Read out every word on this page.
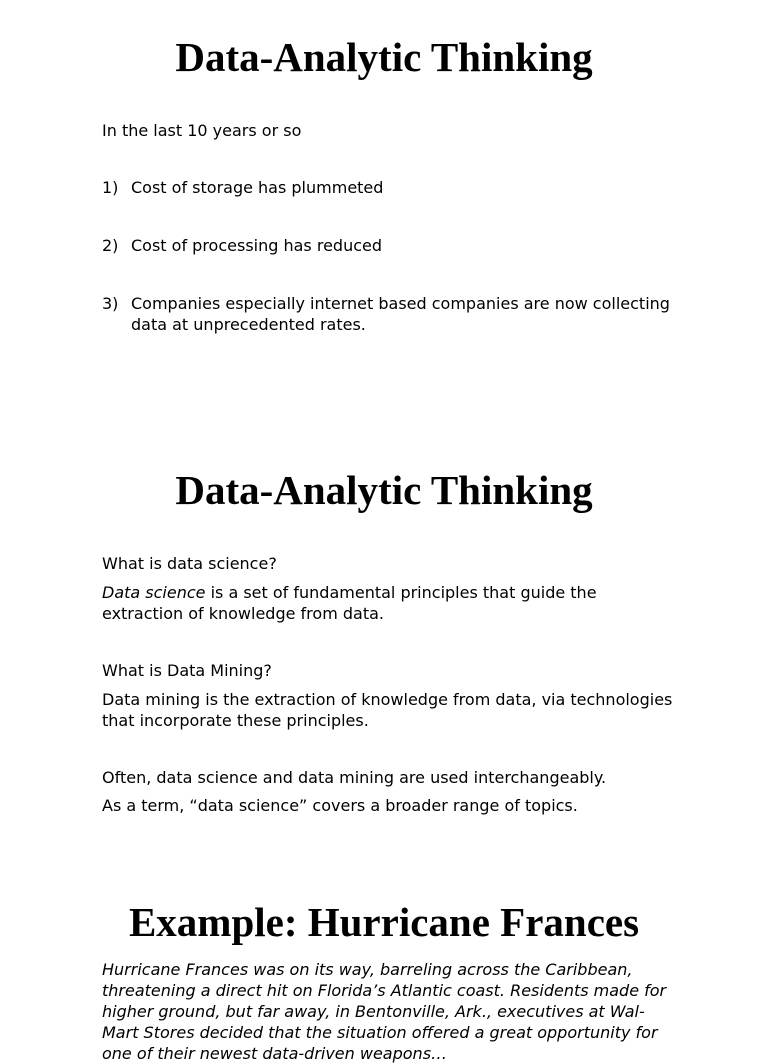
Data-Analytic Thinking

In the last 10 years or so

1) Cost of storage has plummeted
2) Cost of processing has reduced
3) Companies especially internet based companies are now collecting data at unprecedented rates.
Data-Analytic Thinking

What is data science?

Data science is a set of fundamental principles that guide the extraction of knowledge from data.

What is Data Mining?

Data mining is the extraction of knowledge from data, via technologies that incorporate these principles.

Often, data science and data mining are used interchangeably.

As a term, “data science” covers a broader range of topics.

Example: Hurricane Frances

Hurricane Frances was on its way, barreling across the Caribbean, threatening a direct hit on Florida’s Atlantic coast. Residents made for higher ground, but far away, in Bentonville, Ark., executives at Wal-Mart Stores decided that the situation offered a great opportunity for one of their newest data-driven weapons…
